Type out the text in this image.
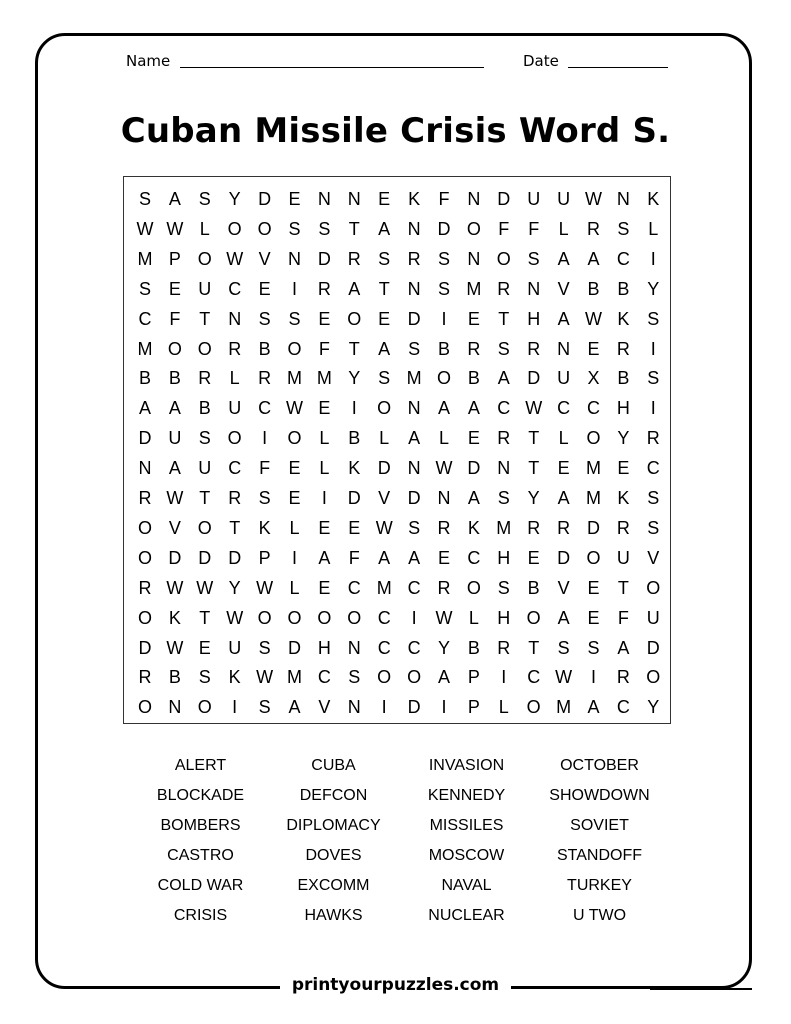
Name	Date
Cuban Missile Crisis Word S.
S A S Y D E N N E K	F N D U U W N K
W W L O O S S	T	A N D O F	F	L	R S	L
M P O W V N D R S R S N O S A A C	I
S E U C E	I	R A	T N S M R N V B B Y
C F	T N S S E O E D	I	E	T H A W K S
M O O R B O F	T	A S B R S R N E R	I
B B R	L	R M M Y S M O B A D U X B S
A A B U C W E	I	O N A A C W C C H	I
D U S O	I	O L	B	L	A	L	E R T	L O Y R
N A U C F	E	L	K D N W D N T	E M E C
R W T R S E	I	D V D N A S Y A M K S
O V O T	K	L	E E W S R K M R R D R S
O D D D P	I	A	F	A A E C H E D O U V
R W W Y W L	E C M C R O S B V E	T O
O K	T W O O O O C	I	W L	H O A E	F U
D W E U S D H N C C Y B R T	S S A D
R B S K W M C S O O A P	I	C W	I	R O
O N O	I	S A V N	I	D	I	P	L O M A C Y
ALERT	CUBA	INVASION	OCTOBER
BLOCKADE	DEFCON	KENNEDY	SHOWDOWN
BOMBERS	DIPLOMACY	MISSILES	SOVIET
CASTRO	DOVES	MOSCOW	STANDOFF
COLD WAR	EXCOMM	NAVAL	TURKEY
CRISIS	HAWKS	NUCLEAR	U TWO
printyourpuzzles.com
